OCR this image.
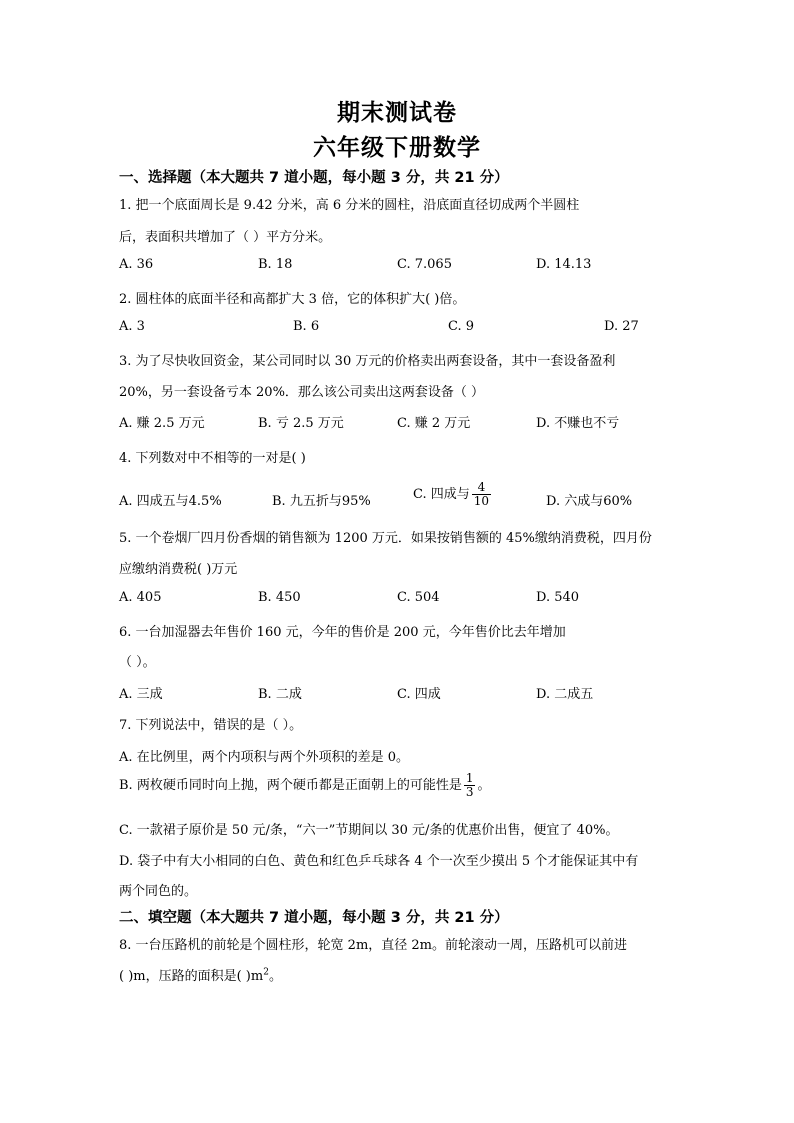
期末测试卷
六年级下册数学
一、选择题（本大题共 7 道小题，每小题 3 分，共 21 分）
1. 把一个底面周长是 9.42 分米，高 6 分米的圆柱，沿底面直径切成两个半圆柱
后，表面积共增加了（ ）平方分米。
A. 36	B. 18	C. 7.065	D. 14.13
2. 圆柱体的底面半径和高都扩大 3 倍，它的体积扩大( )倍。
A. 3	B. 6	C. 9	D. 27
3. 为了尽快收回资金，某公司同时以 30 万元的价格卖出两套设备，其中一套设备盈利
20%，另一套设备亏本 20%．那么该公司卖出这两套设备（ ）
A. 赚 2.5 万元	B. 亏 2.5 万元	C. 赚 2 万元	D. 不赚也不亏
4. 下列数对中不相等的一对是( )
A. 四成五与4.5%	B. 九五折与95%	C. 四成与 $\frac{4}{10}$	D. 六成与60%
5. 一个卷烟厂四月份香烟的销售额为 1200 万元．如果按销售额的 45%缴纳消费税，四月份
应缴纳消费税( )万元
A. 405	B. 450	C. 504	D. 540
6. 一台加湿器去年售价 160 元，今年的售价是 200 元，今年售价比去年增加
（ ）。
A. 三成	B. 二成	C. 四成	D. 二成五
7. 下列说法中，错误的是（ ）。
A. 在比例里，两个内项积与两个外项积的差是 0。
B. 两枚硬币同时向上抛，两个硬币都是正面朝上的可能性是 $\frac{1}{3}$ 。
C. 一款裙子原价是 50 元/条，“六一”节期间以 30 元/条的优惠价出售，便宜了 40%。
D. 袋子中有大小相同的白色、黄色和红色乒乓球各 4 个一次至少摸出 5 个才能保证其中有
两个同色的。
二、填空题（本大题共 7 道小题，每小题 3 分，共 21 分）
8. 一台压路机的前轮是个圆柱形，轮宽 2m，直径 2m。前轮滚动一周，压路机可以前进
( )m，压路的面积是( )$m^2$。
